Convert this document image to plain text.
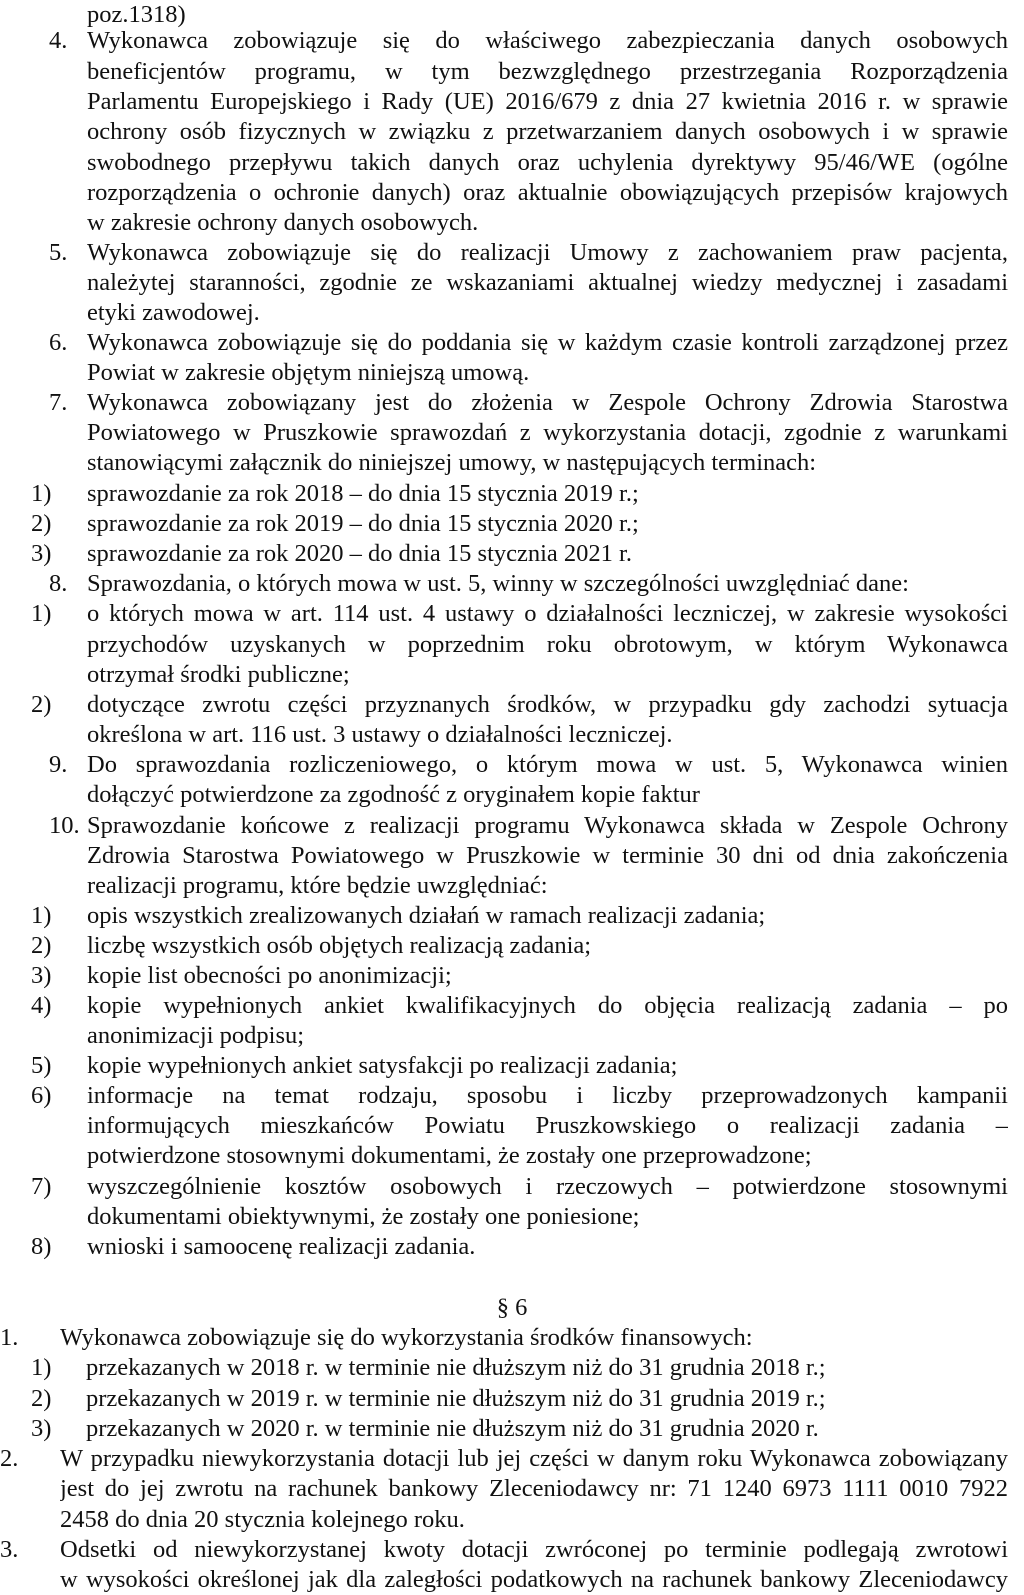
poz.1318)
4. Wykonawca zobowiązuje się do właściwego zabezpieczania danych osobowych
beneficjentów programu, w tym bezwzględnego przestrzegania Rozporządzenia
Parlamentu Europejskiego i Rady (UE) 2016/679 z dnia 27 kwietnia 2016 r. w sprawie
ochrony osób fizycznych w związku z przetwarzaniem danych osobowych i w sprawie
swobodnego przepływu takich danych oraz uchylenia dyrektywy 95/46/WE (ogólne
rozporządzenia o ochronie danych) oraz aktualnie obowiązujących przepisów krajowych
w zakresie ochrony danych osobowych.
5. Wykonawca zobowiązuje się do realizacji Umowy z zachowaniem praw pacjenta,
należytej staranności, zgodnie ze wskazaniami aktualnej wiedzy medycznej i zasadami
etyki zawodowej.
6. Wykonawca zobowiązuje się do poddania się w każdym czasie kontroli zarządzonej przez
Powiat w zakresie objętym niniejszą umową.
7. Wykonawca zobowiązany jest do złożenia w Zespole Ochrony Zdrowia Starostwa
Powiatowego w Pruszkowie sprawozdań z wykorzystania dotacji, zgodnie z warunkami
stanowiącymi załącznik do niniejszej umowy, w następujących terminach:
1) sprawozdanie za rok 2018 – do dnia 15 stycznia 2019 r.;
2) sprawozdanie za rok 2019 – do dnia 15 stycznia 2020 r.;
3) sprawozdanie za rok 2020 – do dnia 15 stycznia 2021 r.
8. Sprawozdania, o których mowa w ust. 5, winny w szczególności uwzględniać dane:
1) o których mowa w art. 114 ust. 4 ustawy o działalności leczniczej, w zakresie wysokości
przychodów uzyskanych w poprzednim roku obrotowym, w którym Wykonawca
otrzymał środki publiczne;
2) dotyczące zwrotu części przyznanych środków, w przypadku gdy zachodzi sytuacja
określona w art. 116 ust. 3 ustawy o działalności leczniczej.
9. Do sprawozdania rozliczeniowego, o którym mowa w ust. 5, Wykonawca winien
dołączyć potwierdzone za zgodność z oryginałem kopie faktur
10. Sprawozdanie końcowe z realizacji programu Wykonawca składa w Zespole Ochrony
Zdrowia Starostwa Powiatowego w Pruszkowie w terminie 30 dni od dnia zakończenia
realizacji programu, które będzie uwzględniać:
1) opis wszystkich zrealizowanych działań w ramach realizacji zadania;
2) liczbę wszystkich osób objętych realizacją zadania;
3) kopie list obecności po anonimizacji;
4) kopie wypełnionych ankiet kwalifikacyjnych do objęcia realizacją zadania – po
anonimizacji podpisu;
5) kopie wypełnionych ankiet satysfakcji po realizacji zadania;
6) informacje na temat rodzaju, sposobu i liczby przeprowadzonych kampanii
informujących mieszkańców Powiatu Pruszkowskiego o realizacji zadania –
potwierdzone stosownymi dokumentami, że zostały one przeprowadzone;
7) wyszczególnienie kosztów osobowych i rzeczowych – potwierdzone stosownymi
dokumentami obiektywnymi, że zostały one poniesione;
8) wnioski i samoocenę realizacji zadania.
§ 6
1. Wykonawca zobowiązuje się do wykorzystania środków finansowych:
1) przekazanych w 2018 r. w terminie nie dłuższym niż do 31 grudnia 2018 r.;
2) przekazanych w 2019 r. w terminie nie dłuższym niż do 31 grudnia 2019 r.;
3) przekazanych w 2020 r. w terminie nie dłuższym niż do 31 grudnia 2020 r.
2. W przypadku niewykorzystania dotacji lub jej części w danym roku Wykonawca zobowiązany
jest do jej zwrotu na rachunek bankowy Zleceniodawcy nr: 71 1240 6973 1111 0010 7922
2458 do dnia 20 stycznia kolejnego roku.
3. Odsetki od niewykorzystanej kwoty dotacji zwróconej po terminie podlegają zwrotowi
w wysokości określonej jak dla zaległości podatkowych na rachunek bankowy Zleceniodawcy
